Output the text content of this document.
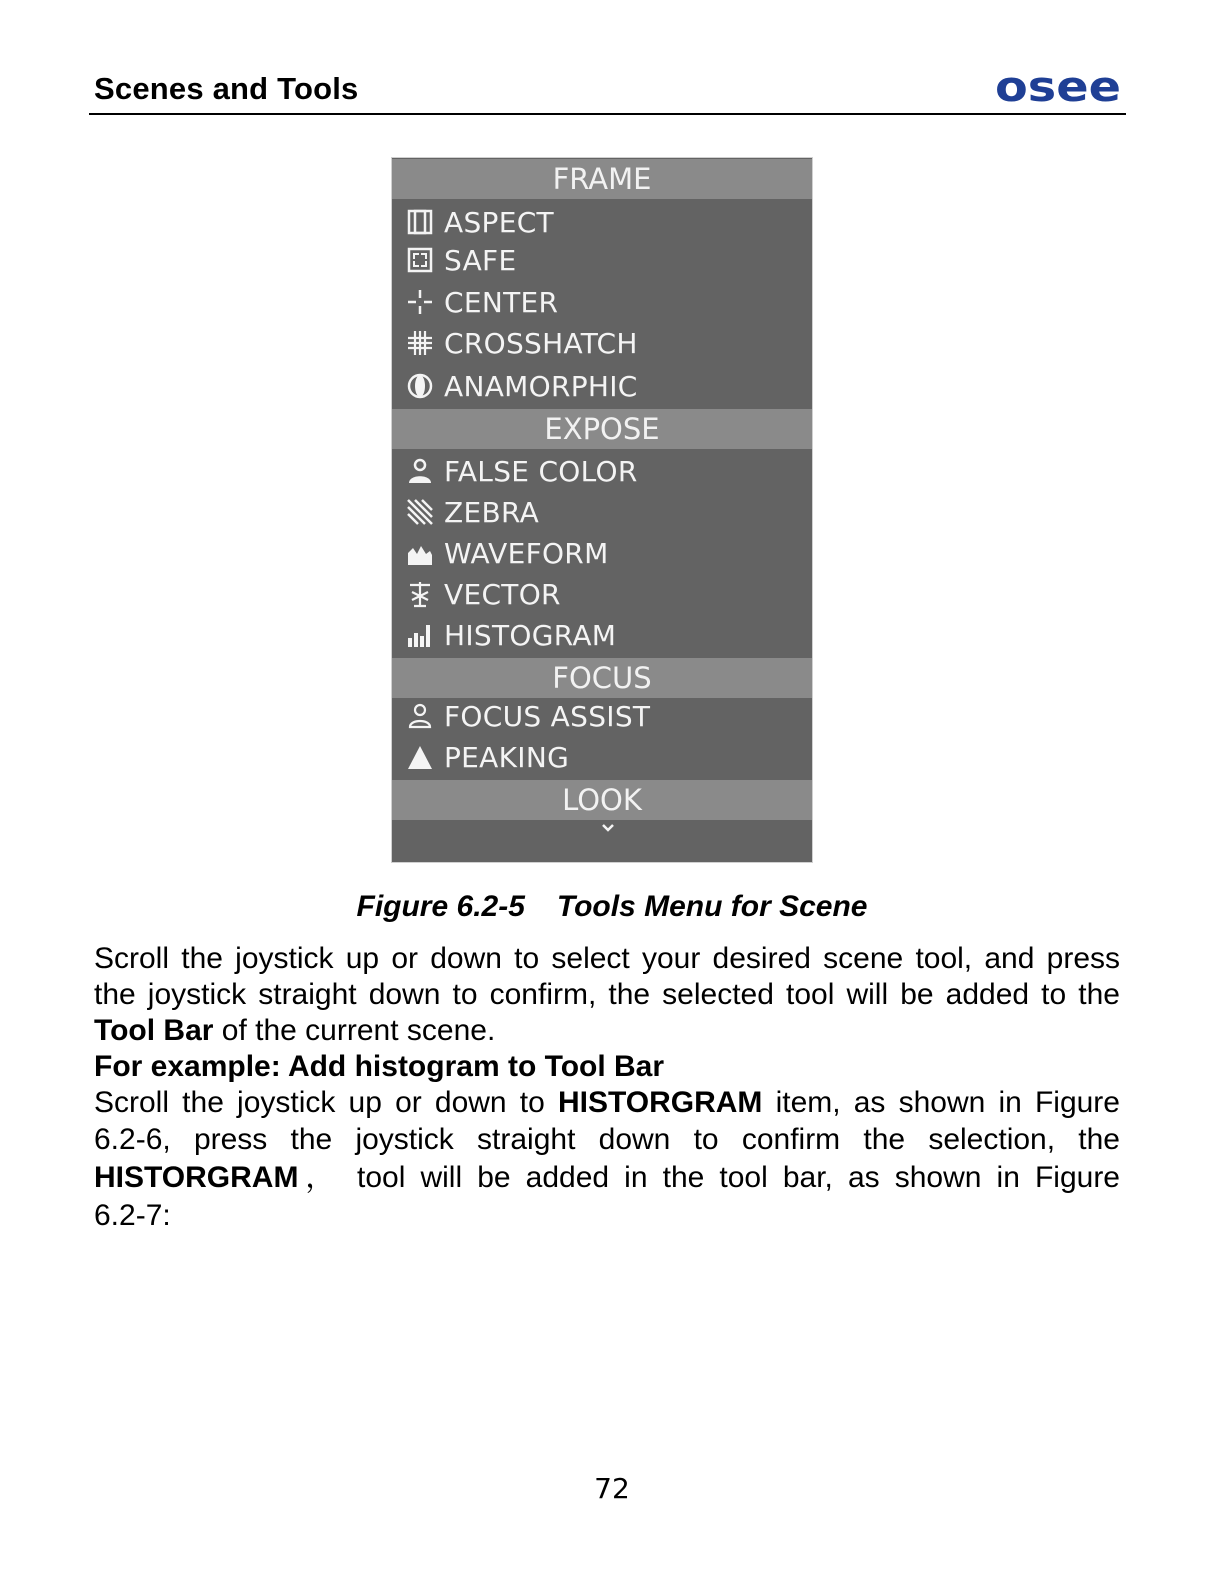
Scenes and Tools	osee
FRAME
ASPECT
SAFE
CENTER
CROSSHATCH
ANAMORPHIC
EXPOSE
FALSE COLOR
ZEBRA
WAVEFORM
VECTOR
HISTOGRAM
FOCUS
FOCUS ASSIST
PEAKING
LOOK
Figure 6.2-5 Tools Menu for Scene

Scroll the joystick up or down to select your desired scene tool, and press

the joystick straight down to confirm, the selected tool will be added to the

Tool Bar of the current scene.

For example: Add histogram to Tool Bar

Scroll the joystick up or down to HISTORGRAM item, as shown in Figure

6.2-6, press the joystick straight down to confirm the selection, the

HISTORGRAM， tool will be added in the tool bar, as shown in Figure

6.2-7:

72
